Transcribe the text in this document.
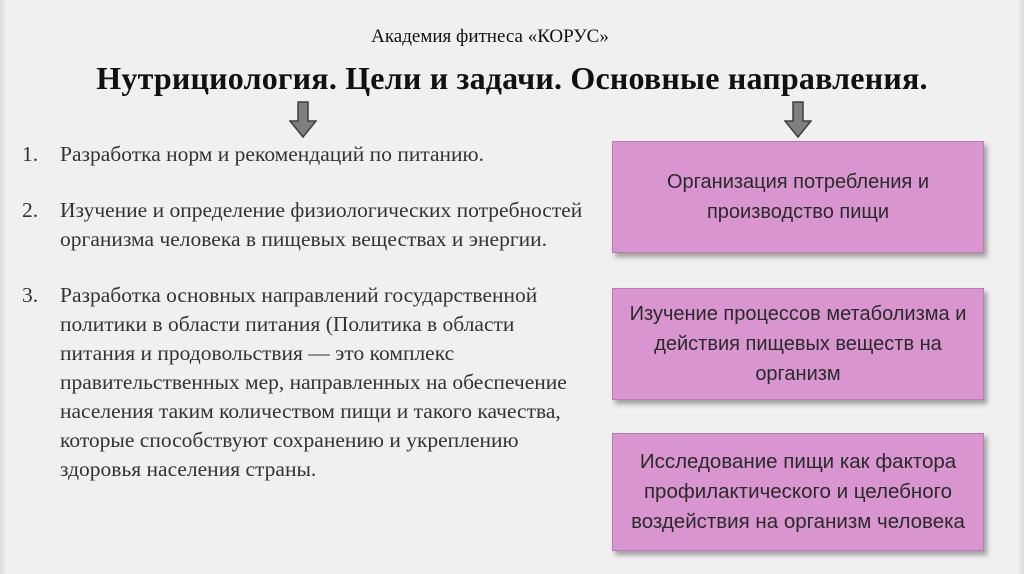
Академия фитнеса «КОРУС»
Нутрициология. Цели и задачи. Основные направления.
1. Разработка норм и рекомендаций по питанию.
2. Изучение и определение физиологических потребностей организма человека в пищевых веществах и энергии.
3. Разработка основных направлений государственной политики в области питания (Политика в области питания и продовольствия — это комплекс правительственных мер, направленных на обеспечение населения таким количеством пищи и такого качества, которые способствуют сохранению и укреплению здоровья населения страны.
Организация потребления и производство пищи
Изучение процессов метаболизма и действия пищевых веществ на организм
Исследование пищи как фактора профилактического и целебного воздействия на организм человека
